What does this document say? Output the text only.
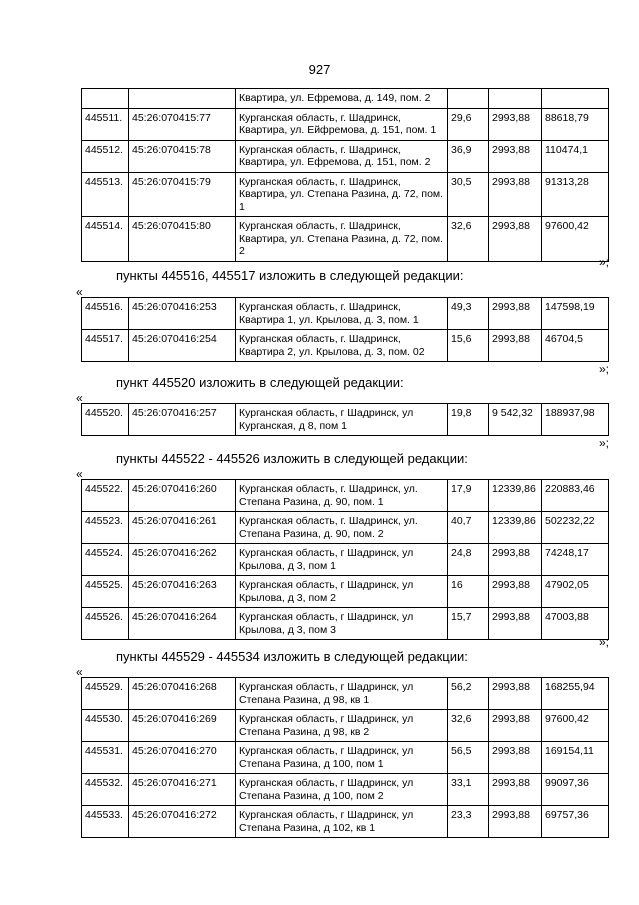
927
		Квартира, ул. Ефремова, д. 149, пом. 2			
445511.	45:26:070415:77	Курганская область, г. Шадринск, Квартира, ул. Ейфремова, д. 151, пом. 1	29,6	2993,88	88618,79
445512.	45:26:070415:78	Курганская область, г. Шадринск, Квартира, ул. Ефремова, д. 151, пом. 2	36,9	2993,88	110474,1
445513.	45:26:070415:79	Курганская область, г. Шадринск, Квартира, ул. Степана Разина, д. 72, пом. 1	30,5	2993,88	91313,28
445514.	45:26:070415:80	Курганская область, г. Шадринск, Квартира, ул. Степана Разина, д. 72, пом. 2	32,6	2993,88	97600,42
»;
пункты 445516, 445517 изложить в следующей редакции:
«
445516.	45:26:070416:253	Курганская область, г. Шадринск, Квартира 1, ул. Крылова, д. 3, пом. 1	49,3	2993,88	147598,19
445517.	45:26:070416:254	Курганская область, г. Шадринск, Квартира 2, ул. Крылова, д. 3, пом. 02	15,6	2993,88	46704,5
»;
пункт 445520 изложить в следующей редакции:
«
445520.	45:26:070416:257	Курганская область, г Шадринск, ул Курганская, д 8, пом 1	19,8	9 542,32	188937,98
»;
пункты 445522 - 445526 изложить в следующей редакции:
«
445522.	45:26:070416:260	Курганская область, г. Шадринск, ул. Степана Разина, д. 90, пом. 1	17,9	12339,86	220883,46
445523.	45:26:070416:261	Курганская область, г. Шадринск, ул. Степана Разина, д. 90, пом. 2	40,7	12339,86	502232,22
445524.	45:26:070416:262	Курганская область, г Шадринск, ул Крылова, д 3, пом 1	24,8	2993,88	74248,17
445525.	45:26:070416:263	Курганская область, г Шадринск, ул Крылова, д 3, пом 2	16	2993,88	47902,05
445526.	45:26:070416:264	Курганская область, г Шадринск, ул Крылова, д 3, пом 3	15,7	2993,88	47003,88
»;
пункты 445529 - 445534 изложить в следующей редакции:
«
445529.	45:26:070416:268	Курганская область, г Шадринск, ул Степана Разина, д 98, кв 1	56,2	2993,88	168255,94
445530.	45:26:070416:269	Курганская область, г Шадринск, ул Степана Разина, д 98, кв 2	32,6	2993,88	97600,42
445531.	45:26:070416:270	Курганская область, г Шадринск, ул Степана Разина, д 100, пом 1	56,5	2993,88	169154,11
445532.	45:26:070416:271	Курганская область, г Шадринск, ул Степана Разина, д 100, пом 2	33,1	2993,88	99097,36
445533.	45:26:070416:272	Курганская область, г Шадринск, ул Степана Разина, д 102, кв 1	23,3	2993,88	69757,36
